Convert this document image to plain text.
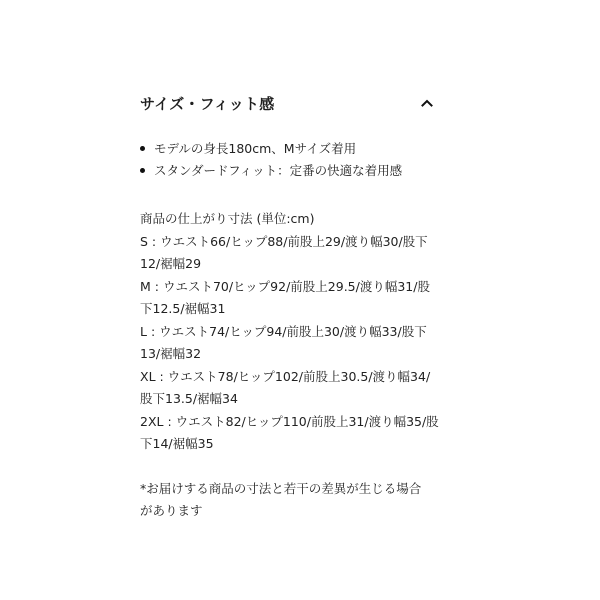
サイズ・フィット感
モデルの身長180cm、Mサイズ着用
スタンダードフィット：定番の快適な着用感
商品の仕上がり寸法 (単位:cm)
S : ウエスト66/ヒップ88/前股上29/渡り幅30/股下
12/裾幅29
M : ウエスト70/ヒップ92/前股上29.5/渡り幅31/股
下12.5/裾幅31
L : ウエスト74/ヒップ94/前股上30/渡り幅33/股下
13/裾幅32
XL : ウエスト78/ヒップ102/前股上30.5/渡り幅34/
股下13.5/裾幅34
2XL : ウエスト82/ヒップ110/前股上31/渡り幅35/股
下14/裾幅35
*お届けする商品の寸法と若干の差異が生じる場合
があります
